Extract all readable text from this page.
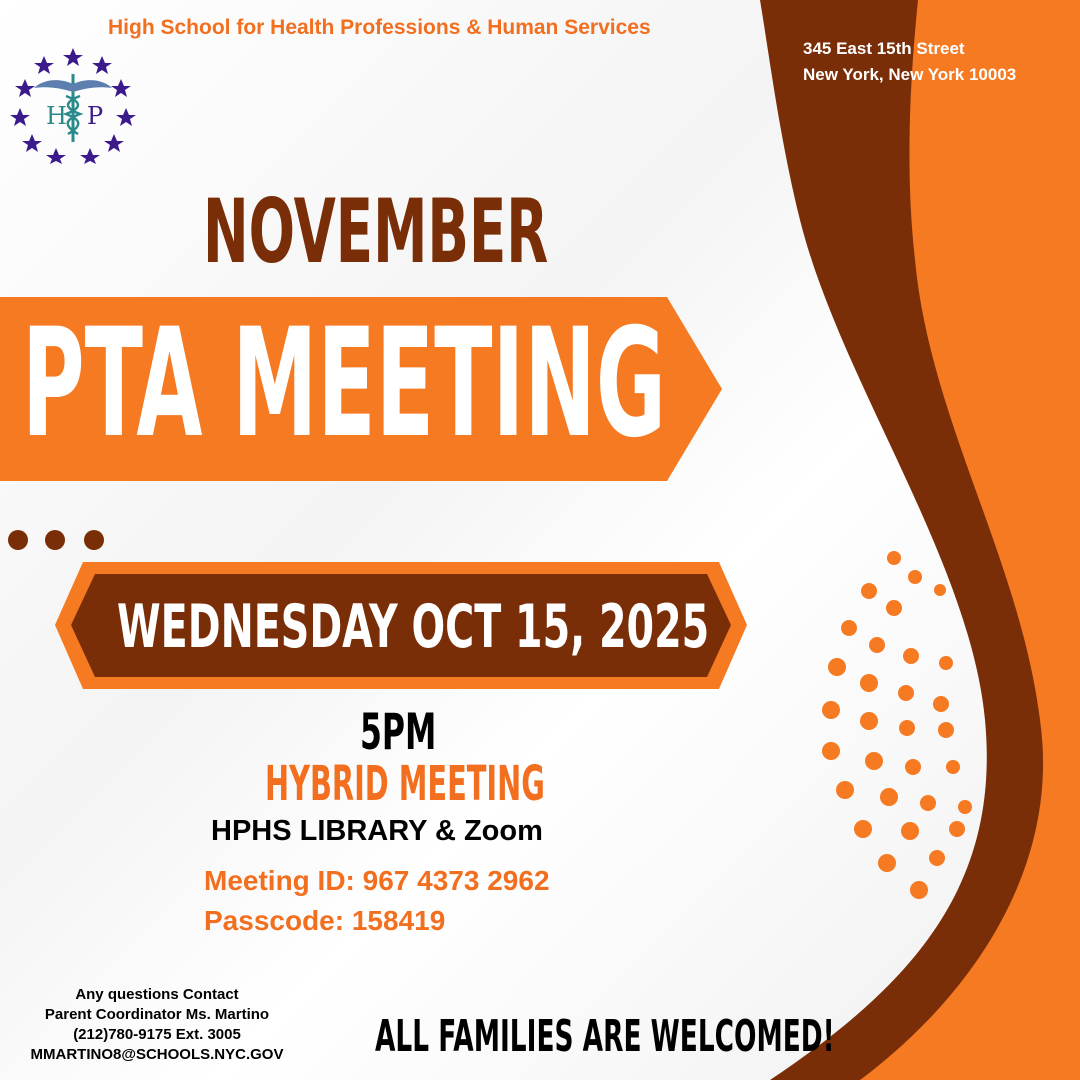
H P
High School for Health Professions & Human Services
345 East 15th Street
New York, New York 10003
NOVEMBER
PTA MEETING
WEDNESDAY OCT 15, 2025
5PM
HYBRID MEETING
HPHS LIBRARY & Zoom
Meeting ID: 967 4373 2962
Passcode: 158419
Any questions Contact
Parent Coordinator Ms. Martino
(212)780-9175 Ext. 3005
MMARTINO8@SCHOOLS.NYC.GOV	ALL FAMILIES ARE WELCOMED!
